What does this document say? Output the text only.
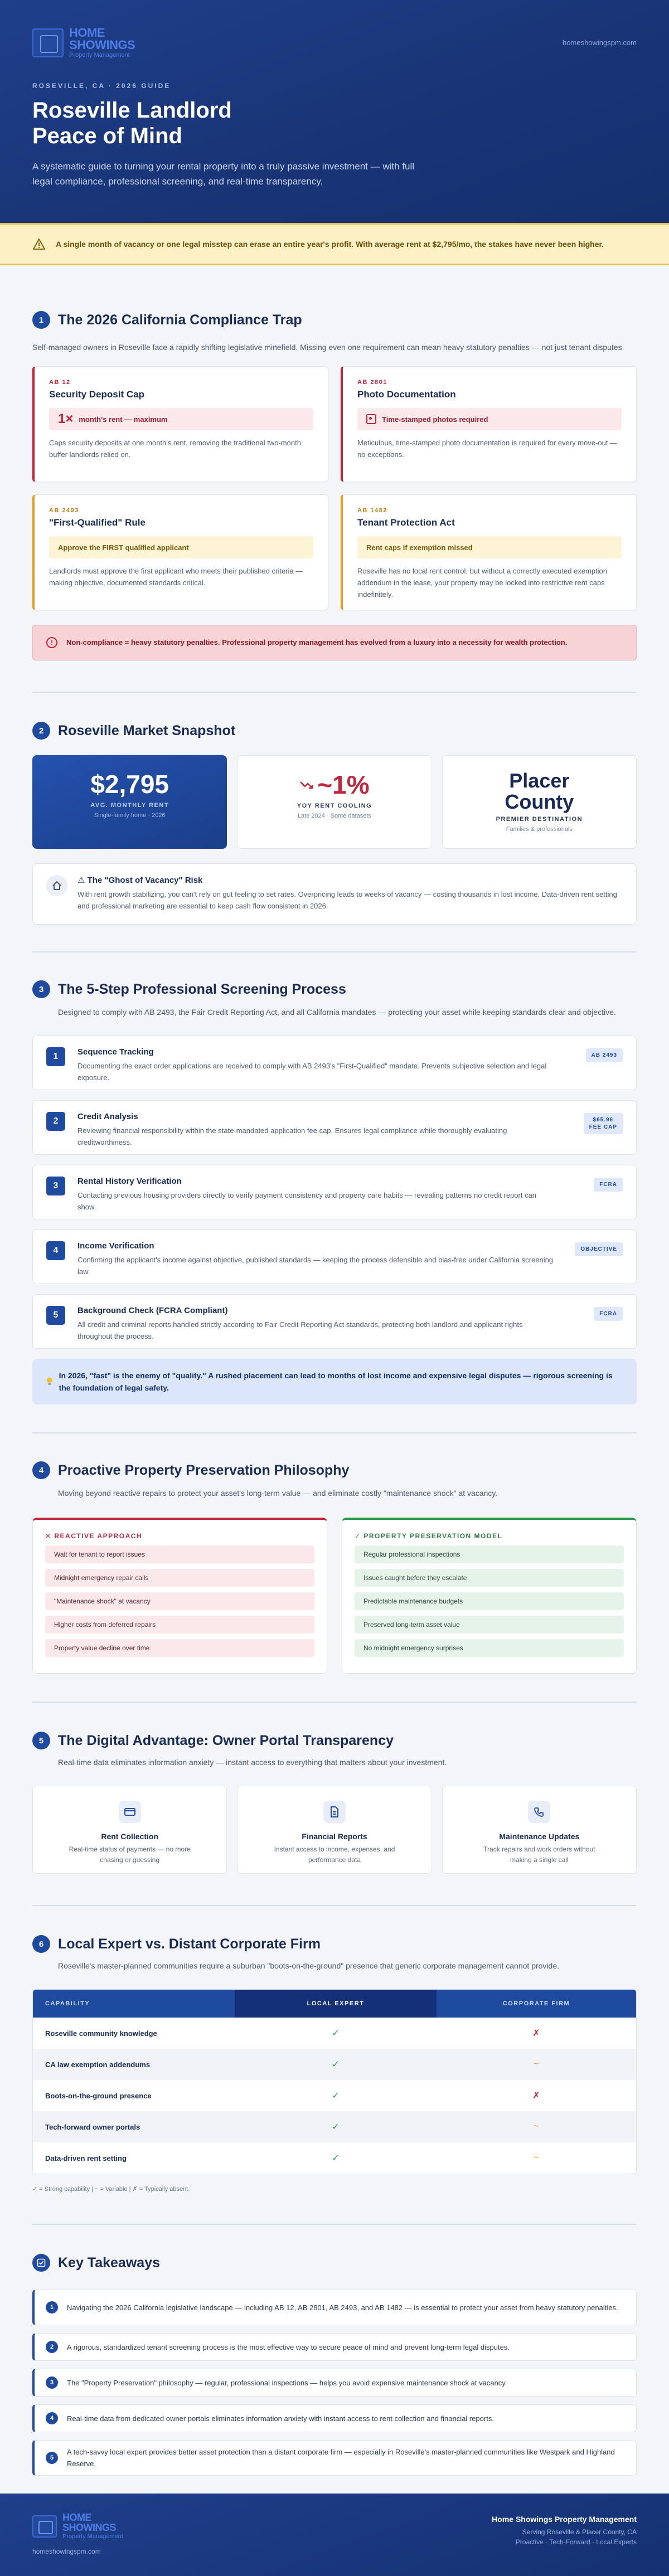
HOME
SHOWINGS
Property Management
homeshowingspm.com
ROSEVILLE, CA · 2026 GUIDE
Roseville Landlord
Peace of Mind

A systematic guide to turning your rental property into a truly passive investment — with full legal compliance, professional screening, and real-time transparency.

A single month of vacancy or one legal misstep can erase an entire year's profit. With average rent at $2,795/mo, the stakes have never been higher.
1	The 2026 California Compliance Trap

Self-managed owners in Roseville face a rapidly shifting legislative minefield. Missing even one requirement can mean heavy statutory penalties — not just tenant disputes.

AB 12
Security Deposit Cap
1× month's rent — maximum
Caps security deposits at one month's rent, removing the traditional two-month buffer landlords relied on.
AB 2801
Photo Documentation
Time-stamped photos required
Meticulous, time-stamped photo documentation is required for every move-out — no exceptions.
AB 2493
"First-Qualified" Rule
Approve the FIRST qualified applicant
Landlords must approve the first applicant who meets their published criteria — making objective, documented standards critical.
AB 1482
Tenant Protection Act
Rent caps if exemption missed
Roseville has no local rent control, but without a correctly executed exemption addendum in the lease, your property may be locked into restrictive rent caps indefinitely.
!	Non-compliance = heavy statutory penalties. Professional property management has evolved from a luxury into a necessity for wealth protection.
2	Roseville Market Snapshot
$2,795
AVG. MONTHLY RENT
Single-family home · 2026
~1%
YOY RENT COOLING
Late 2024 · Some datasets
Placer
County
PREMIER DESTINATION
Families & professionals
⚠ The "Ghost of Vacancy" Risk
With rent growth stabilizing, you can't rely on gut feeling to set rates. Overpricing leads to weeks of vacancy — costing thousands in lost income. Data-driven rent setting and professional marketing are essential to keep cash flow consistent in 2026.
3	The 5-Step Professional Screening Process

Designed to comply with AB 2493, the Fair Credit Reporting Act, and all California mandates — protecting your asset while keeping standards clear and objective.

1	Sequence Tracking
Documenting the exact order applications are received to comply with AB 2493's "First-Qualified" mandate. Prevents subjective selection and legal exposure.
AB 2493
2	Credit Analysis
Reviewing financial responsibility within the state-mandated application fee cap. Ensures legal compliance while thoroughly evaluating creditworthiness.
$65.96
FEE CAP
3	Rental History Verification
Contacting previous housing providers directly to verify payment consistency and property care habits — revealing patterns no credit report can show.
FCRA
4	Income Verification
Confirming the applicant's income against objective, published standards — keeping the process defensible and bias-free under California screening law.
OBJECTIVE
5	Background Check (FCRA Compliant)
All credit and criminal reports handled strictly according to Fair Credit Reporting Act standards, protecting both landlord and applicant rights throughout the process.
FCRA
In 2026, "fast" is the enemy of "quality." A rushed placement can lead to months of lost income and expensive legal disputes — rigorous screening is the foundation of legal safety.
4	Proactive Property Preservation Philosophy

Moving beyond reactive repairs to protect your asset's long-term value — and eliminate costly "maintenance shock" at vacancy.

✕ REACTIVE APPROACH
Wait for tenant to report issues
Midnight emergency repair calls
"Maintenance shock" at vacancy
Higher costs from deferred repairs
Property value decline over time
✓ PROPERTY PRESERVATION MODEL
Regular professional inspections
Issues caught before they escalate
Predictable maintenance budgets
Preserved long-term asset value
No midnight emergency surprises
5	The Digital Advantage: Owner Portal Transparency

Real-time data eliminates information anxiety — instant access to everything that matters about your investment.

Rent Collection
Real-time status of payments — no more chasing or guessing
Financial Reports
Instant access to income, expenses, and performance data
Maintenance Updates
Track repairs and work orders without making a single call
6	Local Expert vs. Distant Corporate Firm

Roseville's master-planned communities require a suburban "boots-on-the-ground" presence that generic corporate management cannot provide.

CAPABILITY	LOCAL EXPERT	CORPORATE FIRM
Roseville community knowledge	✓	✗
CA law exemption addendums	✓	~
Boots-on-the-ground presence	✓	✗
Tech-forward owner portals	✓	~
Data-driven rent setting	✓	~
✓ = Strong capability | ~ = Variable | ✗ = Typically absent
Key Takeaways
1	Navigating the 2026 California legislative landscape — including AB 12, AB 2801, AB 2493, and AB 1482 — is essential to protect your asset from heavy statutory penalties.
2	A rigorous, standardized tenant screening process is the most effective way to secure peace of mind and prevent long-term legal disputes.
3	The "Property Preservation" philosophy — regular, professional inspections — helps you avoid expensive maintenance shock at vacancy.
4	Real-time data from dedicated owner portals eliminates information anxiety with instant access to rent collection and financial reports.
5
A tech-savvy local expert provides better asset protection than a distant corporate firm — especially in Roseville's master-planned communities like Westpark and Highland Reserve.
HOME
SHOWINGS
Property Management
homeshowingspm.com
Home Showings Property Management
Serving Roseville & Placer County, CA
Proactive · Tech-Forward · Local Experts
